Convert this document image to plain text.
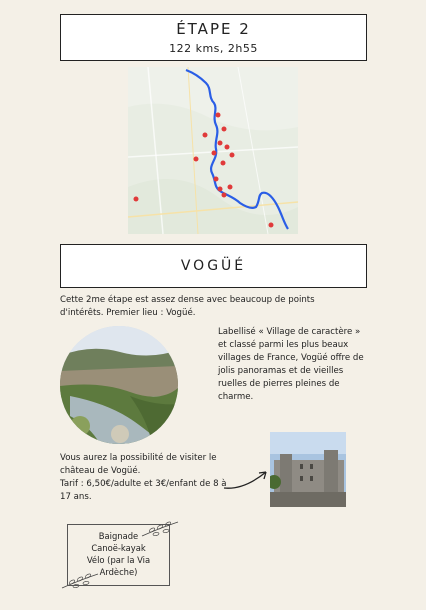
ÉTAPE 2
122 kms, 2h55
VOGÜÉ
Cette 2me étape est assez dense avec beaucoup de points d'intérêts. Premier lieu : Vogüé.
Labellisé « Village de caractère » et classé parmi les plus beaux villages de France, Vogüé offre de jolis panoramas et de vieilles ruelles de pierres pleines de charme.
Vous aurez la possibilité de visiter le château de Vogüé.
Tarif : 6,50€/adulte et 3€/enfant de 8 à 17 ans.
Baignade
Canoë-kayak
Vélo (par la Via Ardèche)
